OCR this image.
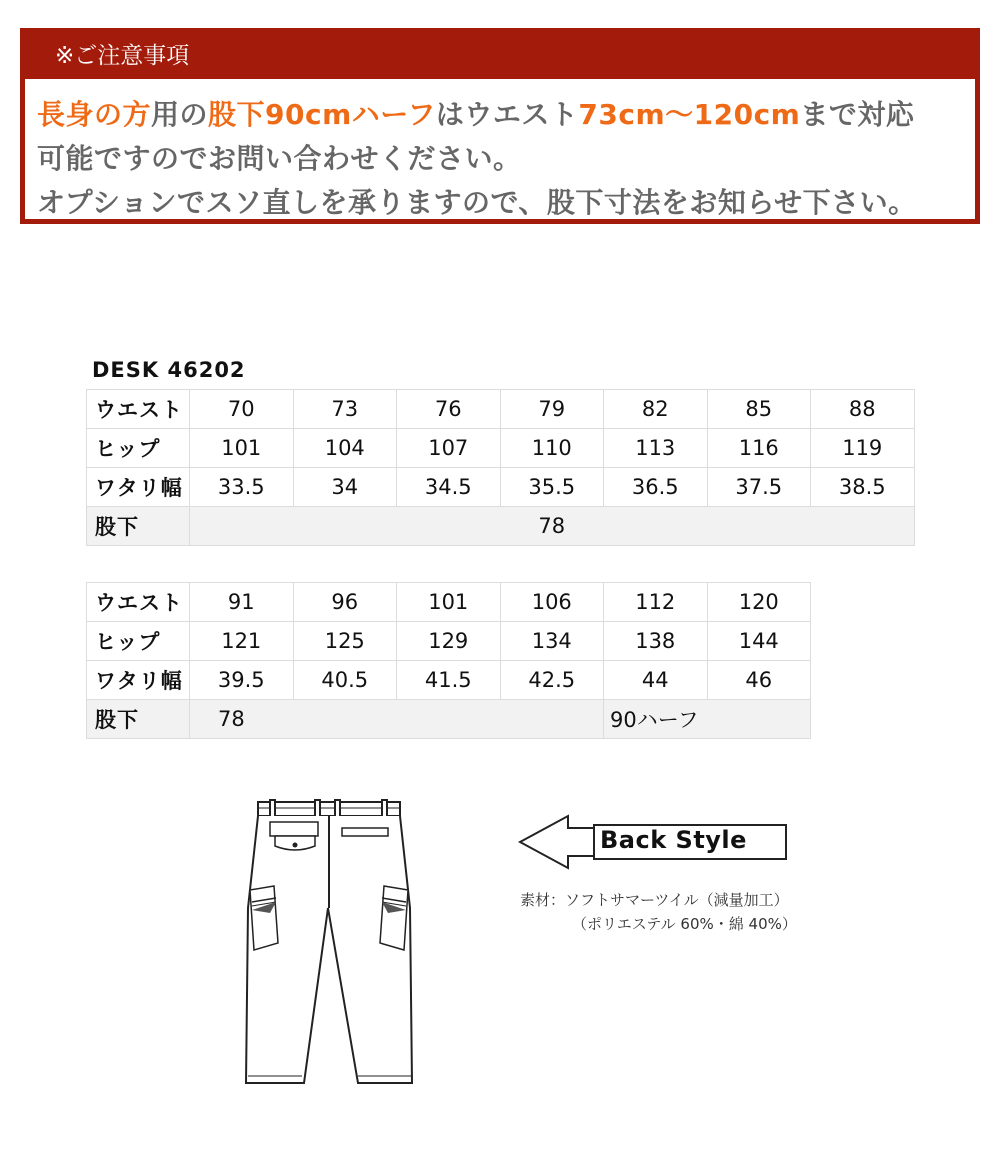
※ご注意事項
長身の方用の股下90cmハーフはウエスト73cm～120cmまで対応
可能ですのでお問い合わせください。
オプションでスソ直しを承りますので、股下寸法をお知らせ下さい。
DESK 46202
ウエスト	70	73	76	79	82	85	88
ヒップ	101	104	107	110	113	116	119
ワタリ幅	33.5	34	34.5	35.5	36.5	37.5	38.5
股下	78						
ウエスト	91	96	101	106	112	120
ヒップ	121	125	129	134	138	144
ワタリ幅	39.5	40.5	41.5	42.5	44	46
股下	78				90ハーフ	
Back Style
素材：ソフトサマーツイル（減量加工）
（ポリエステル 60%・綿 40%）
